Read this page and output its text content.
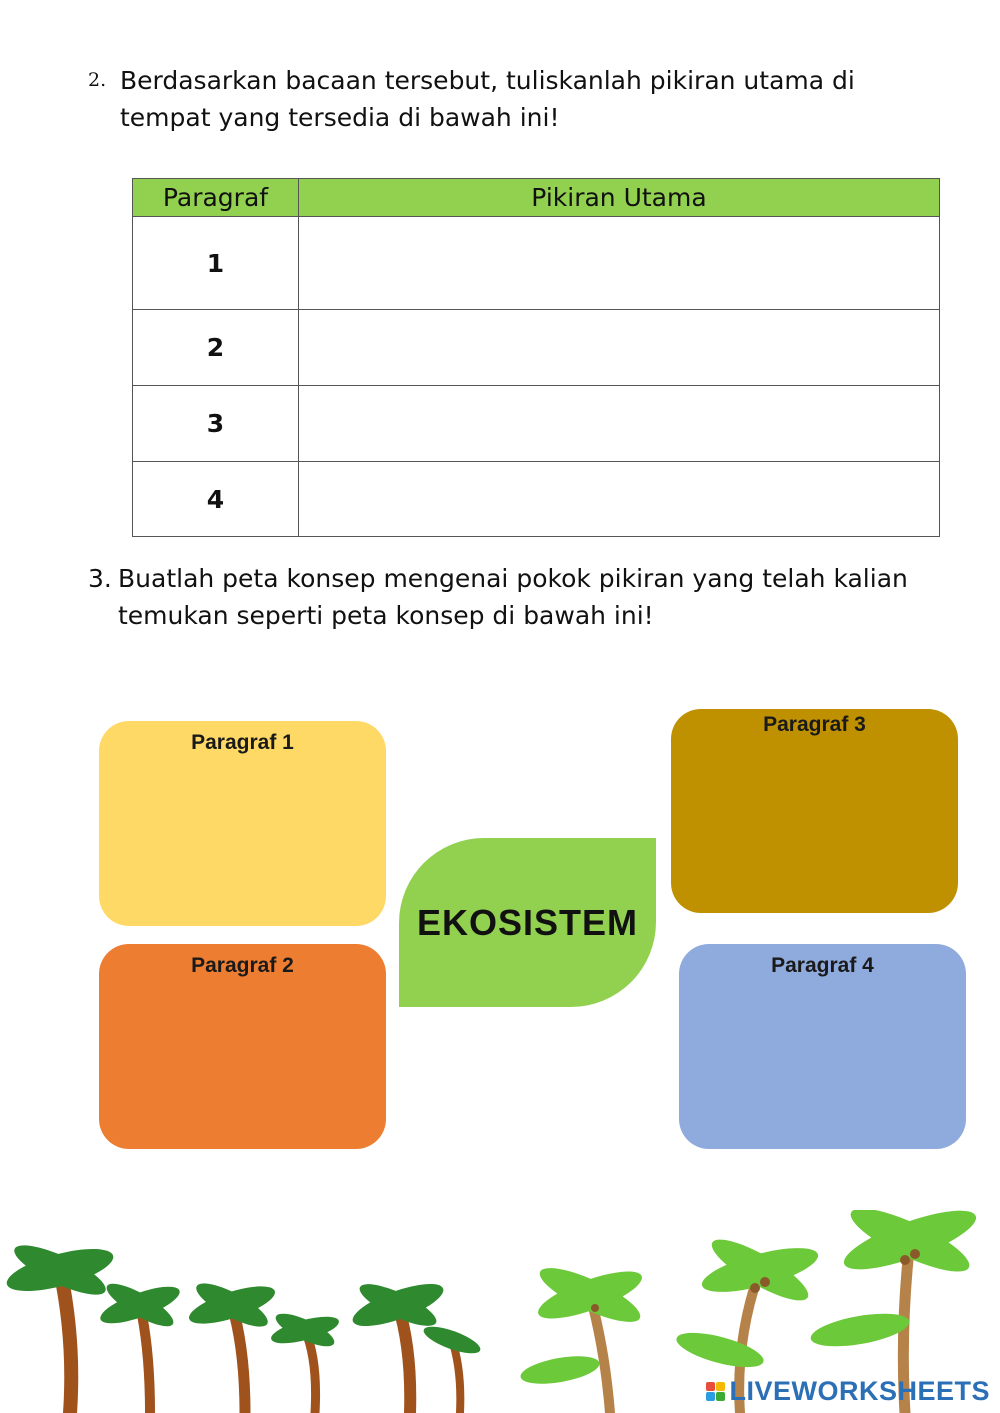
2. Berdasarkan bacaan tersebut, tuliskanlah pikiran utama di
tempat yang tersedia di bawah ini!
Paragraf	Pikiran Utama
1	
2	
3	
4	
3. Buatlah peta konsep mengenai pokok pikiran yang telah kalian
temukan seperti peta konsep di bawah ini!
Paragraf 1
Paragraf 2
Paragraf 3
Paragraf 4
EKOSISTEM
LIVEWORKSHEETS
